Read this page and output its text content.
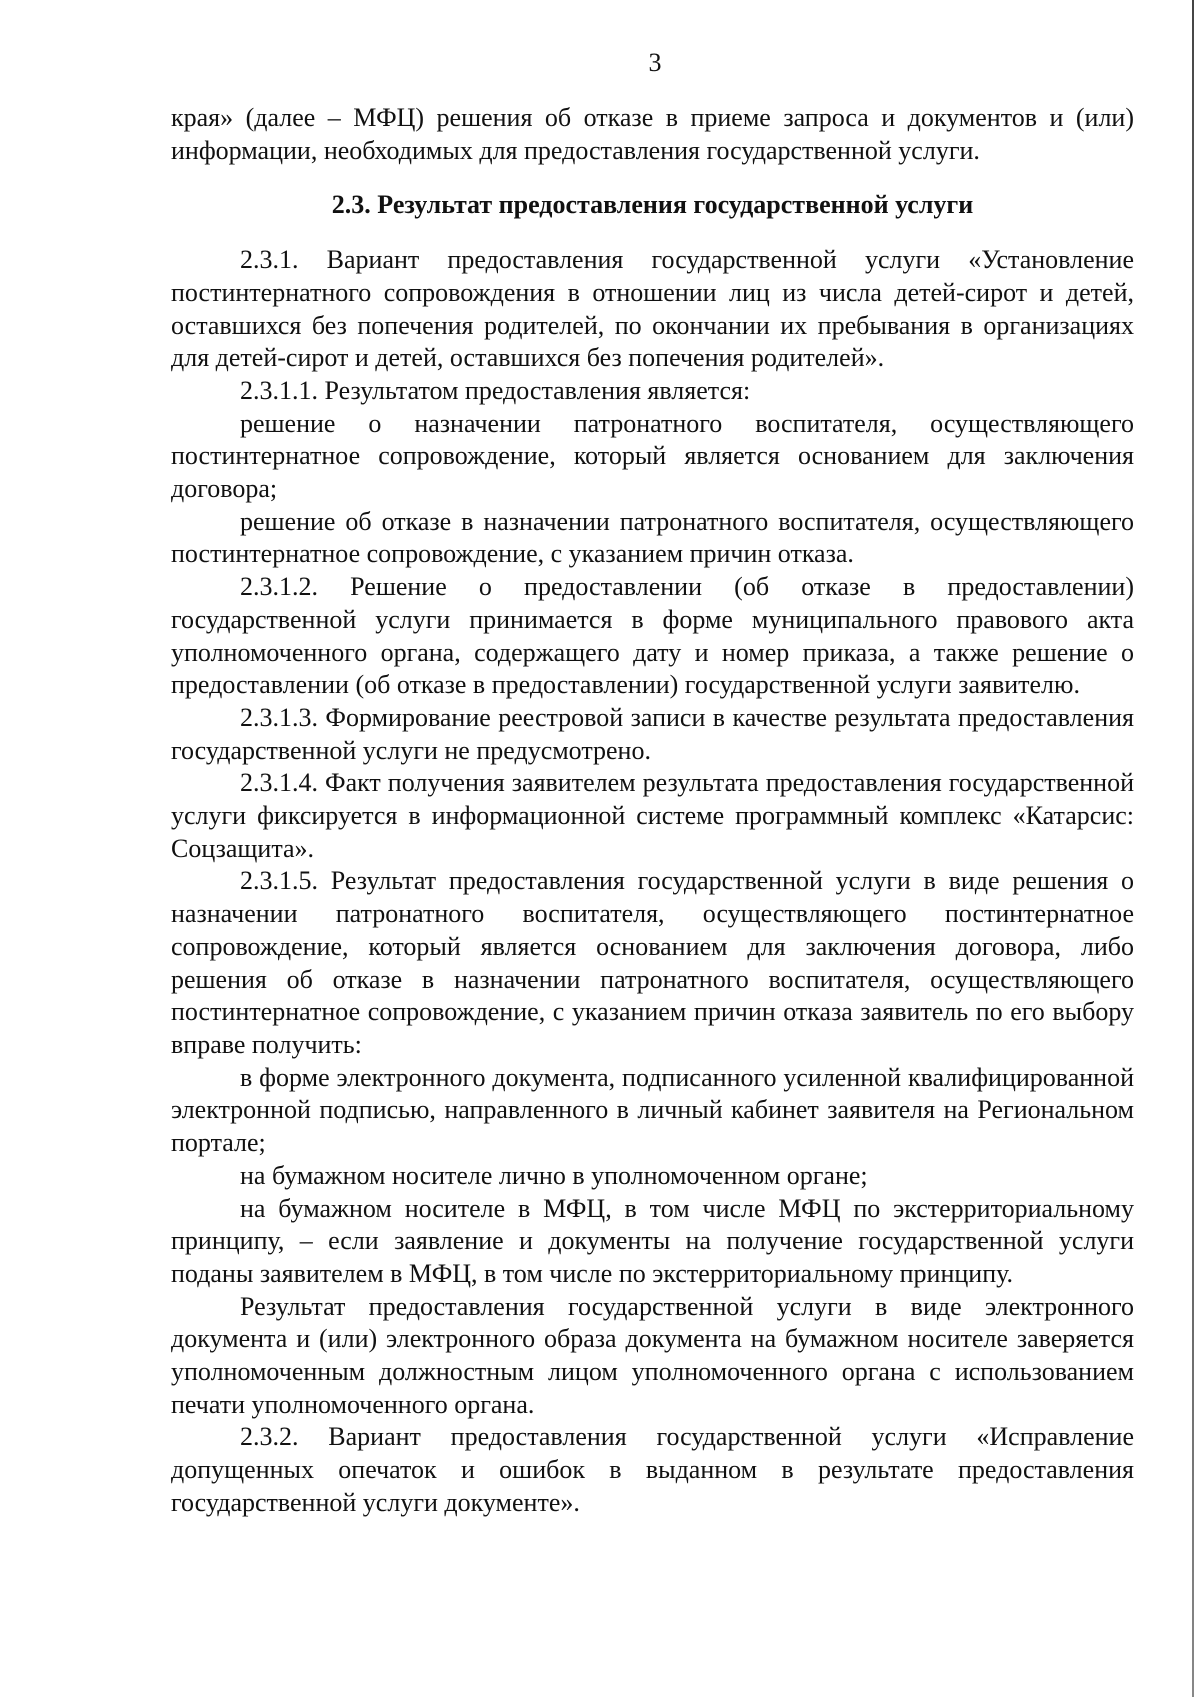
3

края» (далее – МФЦ) решения об отказе в приеме запроса и документов и (или) информации, необходимых для предоставления государственной услуги.

2.3. Результат предоставления государственной услуги

2.3.1. Вариант предоставления государственной услуги «Установление постинтернатного сопровождения в отношении лиц из числа детей-сирот и детей, оставшихся без попечения родителей, по окончании их пребывания в организациях для детей-сирот и детей, оставшихся без попечения родителей».

2.3.1.1. Результатом предоставления является:

решение о назначении патронатного воспитателя, осуществляющего постинтернатное сопровождение, который является основанием для заключения договора;

решение об отказе в назначении патронатного воспитателя, осуществляющего постинтернатное сопровождение, с указанием причин отказа.

2.3.1.2. Решение о предоставлении (об отказе в предоставлении) государственной услуги принимается в форме муниципального правового акта уполномоченного органа, содержащего дату и номер приказа, а также решение о предоставлении (об отказе в предоставлении) государственной услуги заявителю.

2.3.1.3. Формирование реестровой записи в качестве результата предоставления государственной услуги не предусмотрено.

2.3.1.4. Факт получения заявителем результата предоставления государственной услуги фиксируется в информационной системе программный комплекс «Катарсис: Соцзащита».

2.3.1.5. Результат предоставления государственной услуги в виде решения о назначении патронатного воспитателя, осуществляющего постинтернатное сопровождение, который является основанием для заключения договора, либо решения об отказе в назначении патронатного воспитателя, осуществляющего постинтернатное сопровождение, с указанием причин отказа заявитель по его выбору вправе получить:

в форме электронного документа, подписанного усиленной квалифицированной электронной подписью, направленного в личный кабинет заявителя на Региональном портале;

на бумажном носителе лично в уполномоченном органе;

на бумажном носителе в МФЦ, в том числе МФЦ по экстерриториальному принципу, – если заявление и документы на получение государственной услуги поданы заявителем в МФЦ, в том числе по экстерриториальному принципу.

Результат предоставления государственной услуги в виде электронного документа и (или) электронного образа документа на бумажном носителе заверяется уполномоченным должностным лицом уполномоченного органа с использованием печати уполномоченного органа.

2.3.2. Вариант предоставления государственной услуги «Исправление допущенных опечаток и ошибок в выданном в результате предоставления государственной услуги документе».
